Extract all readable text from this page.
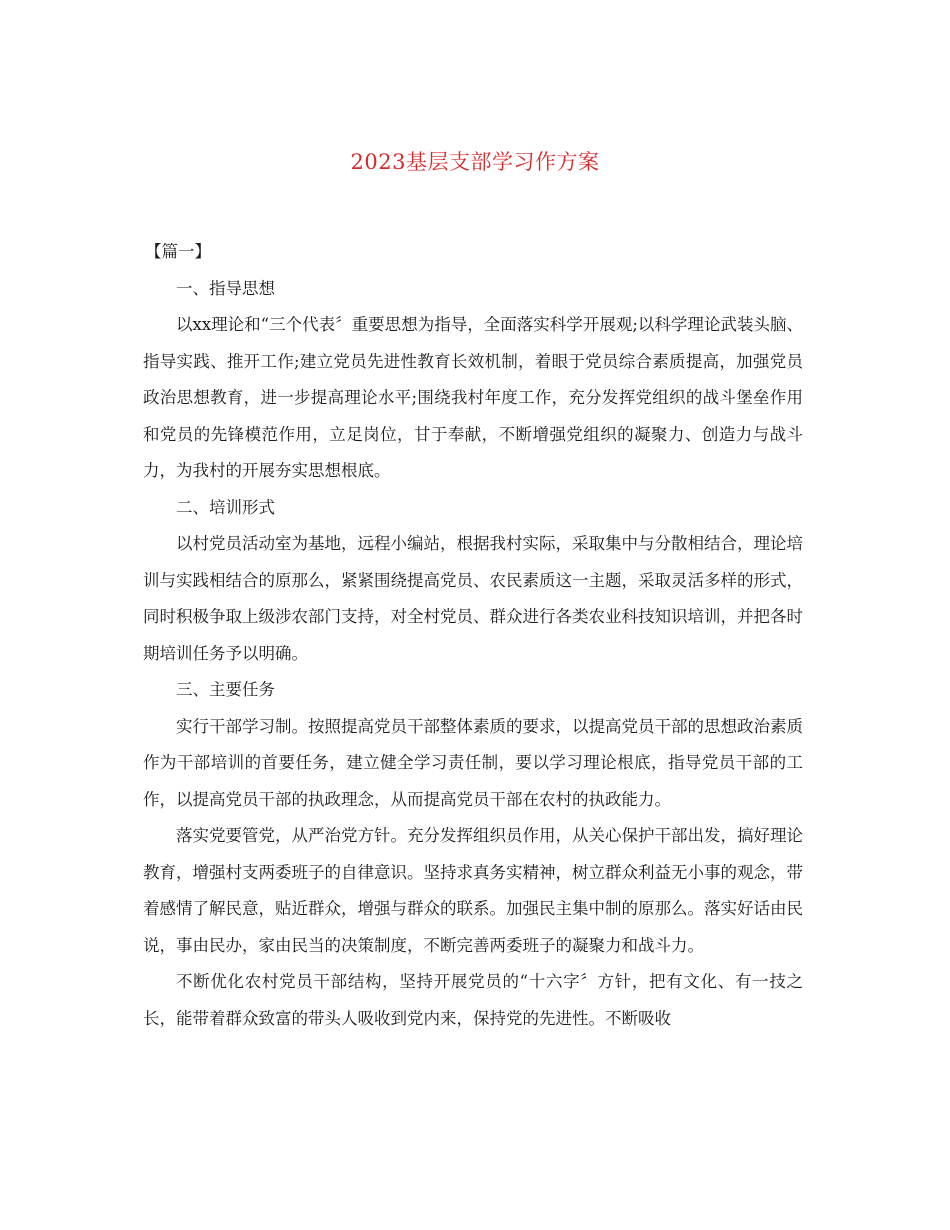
2023基层支部学习作方案

【篇一】

一、指导思想

以xx理论和“三个代表〞重要思想为指导，全面落实科学开展观;以科学理论武装头脑、指导实践、推开工作;建立党员先进性教育长效机制，着眼于党员综合素质提高，加强党员政治思想教育，进一步提高理论水平;围绕我村年度工作，充分发挥党组织的战斗堡垒作用和党员的先锋模范作用，立足岗位，甘于奉献，不断增强党组织的凝聚力、创造力与战斗力，为我村的开展夯实思想根底。

二、培训形式

以村党员活动室为基地，远程小编站，根据我村实际，采取集中与分散相结合，理论培训与实践相结合的原那么，紧紧围绕提高党员、农民素质这一主题，采取灵活多样的形式，同时积极争取上级涉农部门支持，对全村党员、群众进行各类农业科技知识培训，并把各时期培训任务予以明确。

三、主要任务

实行干部学习制。按照提高党员干部整体素质的要求，以提高党员干部的思想政治素质作为干部培训的首要任务，建立健全学习责任制，要以学习理论根底，指导党员干部的工作，以提高党员干部的执政理念，从而提高党员干部在农村的执政能力。

落实党要管党，从严治党方针。充分发挥组织员作用，从关心保护干部出发，搞好理论教育，增强村支两委班子的自律意识。坚持求真务实精神，树立群众利益无小事的观念，带着感情了解民意，贴近群众，增强与群众的联系。加强民主集中制的原那么。落实好话由民说，事由民办，家由民当的决策制度，不断完善两委班子的凝聚力和战斗力。

不断优化农村党员干部结构，坚持开展党员的“十六字〞方针，把有文化、有一技之长，能带着群众致富的带头人吸收到党内来，保持党的先进性。不断吸收
